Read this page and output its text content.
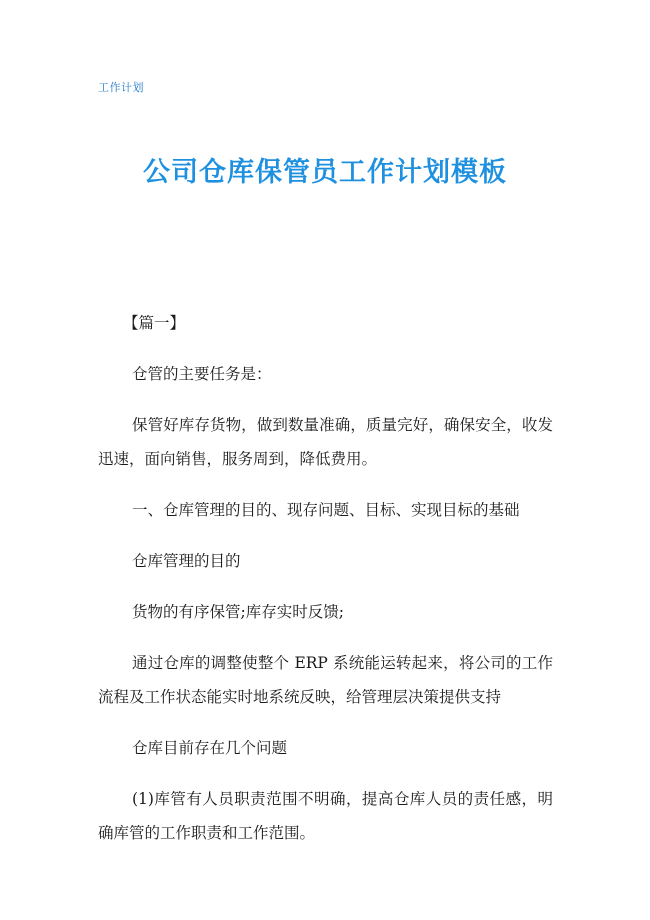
工作计划
公司仓库保管员工作计划模板

【篇一】

仓管的主要任务是：

保管好库存货物，做到数量准确，质量完好，确保安全，收发迅速，面向销售，服务周到，降低费用。

一、仓库管理的目的、现存问题、目标、实现目标的基础

仓库管理的目的

货物的有序保管;库存实时反馈;

通过仓库的调整使整个 ERP 系统能运转起来，将公司的工作流程及工作状态能实时地系统反映，给管理层决策提供支持

仓库目前存在几个问题

(1)库管有人员职责范围不明确，提高仓库人员的责任感，明确库管的工作职责和工作范围。
